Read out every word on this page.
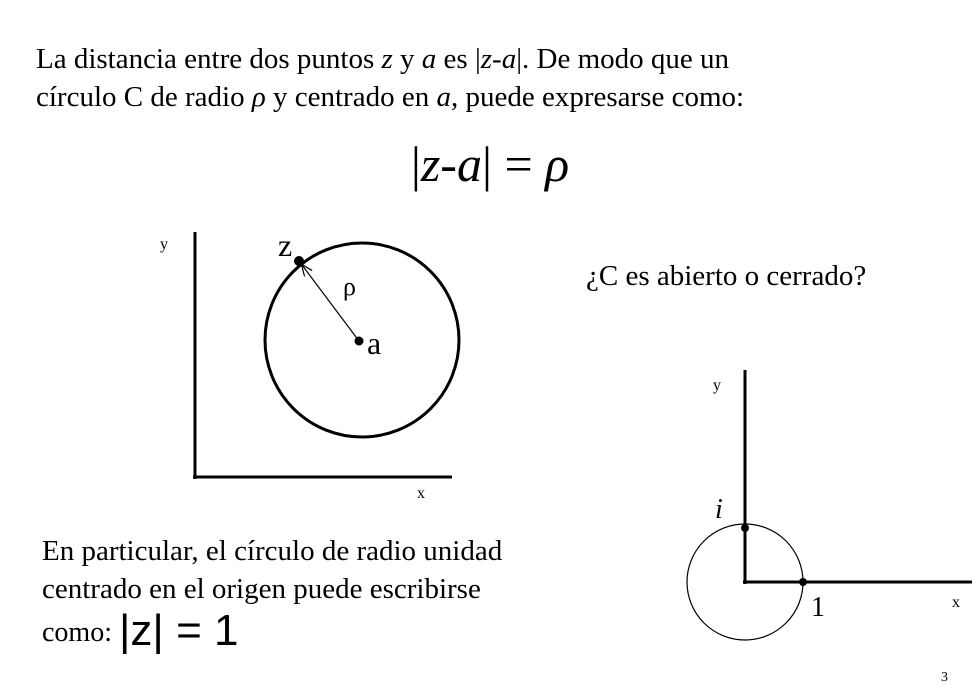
La distancia entre dos puntos z y a es |z-a|. De modo que un
círculo C de radio ρ y centrado en a, puede expresarse como:
|z-a| = ρ
y
x
z
a
ρ
y
x
i
1
¿C es abierto o cerrado?
En particular, el círculo de radio unidad
centrado en el origen puede escribirse
como: |z| = 1
3
